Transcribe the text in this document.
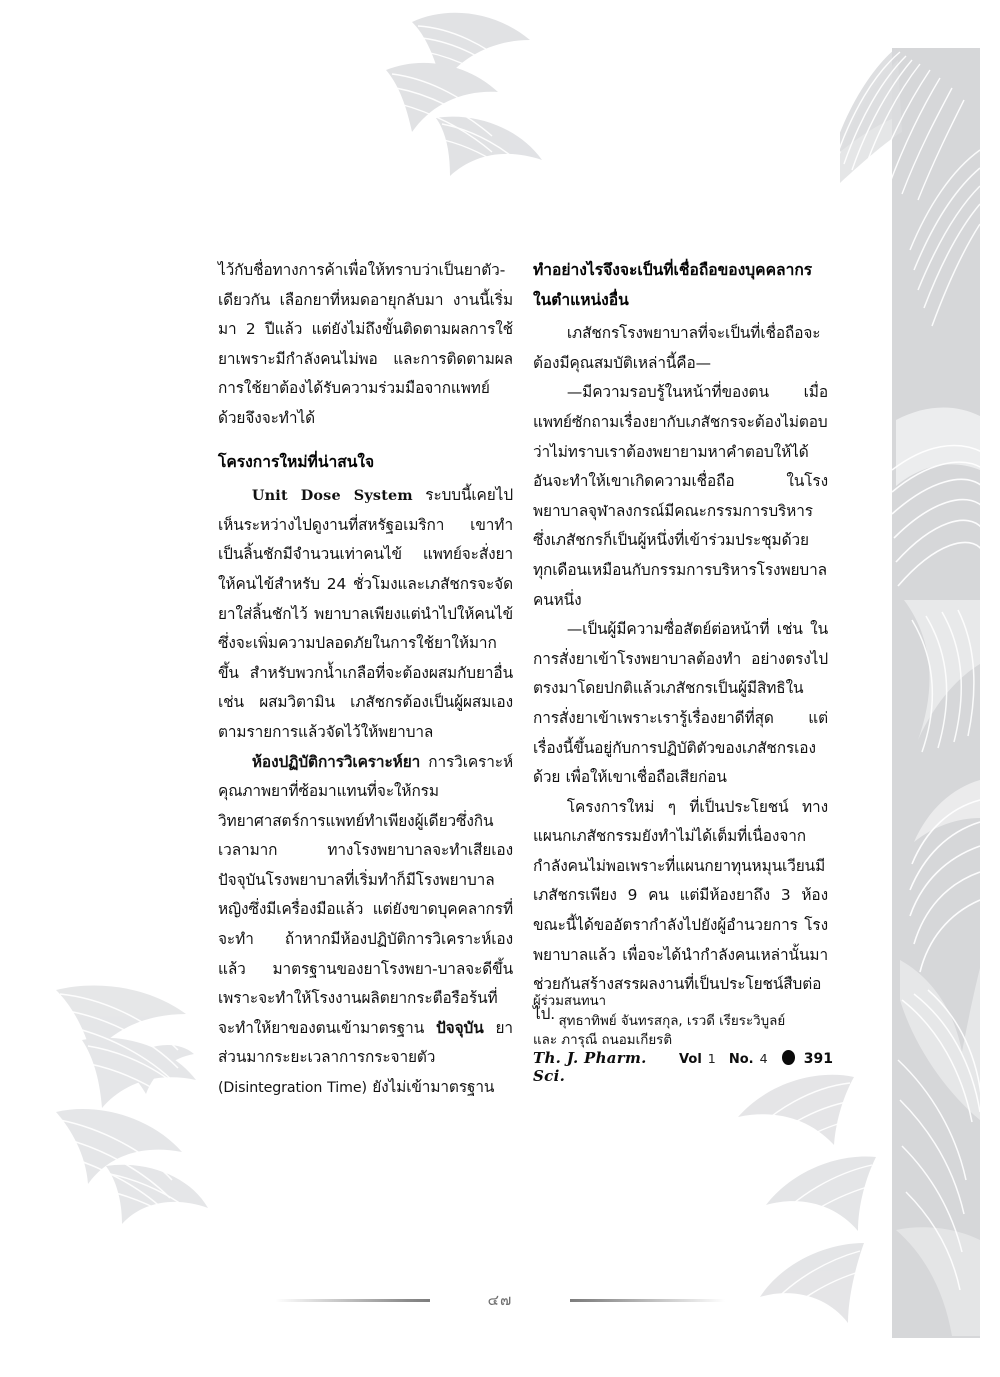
ไว้กับชื่อทางการค้าเพื่อให้ทราบว่าเป็นยาตัว-เดียวกัน เลือกยาที่หมดอายุกลับมา งานนี้เริ่มมา 2 ปีแล้ว แต่ยังไม่ถึงขั้นติดตามผลการใช้ยาเพราะมีกำลังคนไม่พอ และการติดตามผลการใช้ยาต้องได้รับความร่วมมือจากแพทย์ด้วยจึงจะทำได้

โครงการใหม่ที่น่าสนใจ

Unit Dose System ระบบนี้เคยไปเห็นระหว่างไปดูงานที่สหรัฐอเมริกา เขาทำเป็นลิ้นชักมีจำนวนเท่าคนไข้ แพทย์จะสั่งยาให้คนไข้สำหรับ 24 ชั่วโมงและเภสัชกรจะจัดยาใส่ลิ้นชักไว้ พยาบาลเพียงแต่นำไปให้คนไข้ ซึ่งจะเพิ่มความปลอดภัยในการใช้ยาให้มากขึ้น สำหรับพวกน้ำเกลือที่จะต้องผสมกับยาอื่น เช่น ผสมวิตามิน เภสัชกรต้องเป็นผู้ผสมเองตามรายการแล้วจัดไว้ให้พยาบาล

ห้องปฏิบัติการวิเคราะห์ยา การวิเคราะห์คุณภาพยาที่ซ้อมาแทนที่จะให้กรมวิทยาศาสตร์การแพทย์ทำเพียงผู้เดียวซึ่งกินเวลามาก ทางโรงพยาบาลจะทำเสียเอง ปัจจุบันโรงพยาบาลที่เริ่มทำก็มีโรงพยาบาลหญิงซึ่งมีเครื่องมือแล้ว แต่ยังขาดบุคคลากรที่จะทำ ถ้าหากมีห้องปฏิบัติการวิเคราะห์เองแล้ว มาตรฐานของยาโรงพยา-บาลจะดีขึ้น เพราะจะทำให้โรงงานผลิตยากระตือรือร้นที่จะทำให้ยาของตนเข้ามาตรฐาน ปัจจุบัน ยาส่วนมากระยะเวลาการกระจายตัว (Disintegration Time) ยังไม่เข้ามาตรฐาน

ทำอย่างไรจึงจะเป็นที่เชื่อถือของบุคคลากรในตำแหน่งอื่น

เภสัชกรโรงพยาบาลที่จะเป็นที่เชื่อถือจะต้องมีคุณสมบัติเหล่านี้คือ—

—มีความรอบรู้ในหน้าที่ของตน เมื่อแพทย์ซักถามเรื่องยากับเภสัชกรจะต้องไม่ตอบว่าไม่ทราบเราต้องพยายามหาคำตอบให้ได้ อันจะทำให้เขาเกิดความเชื่อถือ ในโรงพยาบาลจุฬาลงกรณ์มีคณะกรรมการบริหารซึ่งเภสัชกรก็เป็นผู้หนึ่งที่เข้าร่วมประชุมด้วยทุกเดือนเหมือนกับกรรมการบริหารโรงพยบาลคนหนึ่ง

—เป็นผู้มีความซื่อสัตย์ต่อหน้าที่ เช่น ในการสั่งยาเข้าโรงพยาบาลต้องทำ อย่างตรงไปตรงมาโดยปกติแล้วเภสัชกรเป็นผู้มีสิทธิในการสั่งยาเข้าเพราะเรารู้เรื่องยาดีที่สุด แต่เรื่องนี้ขึ้นอยู่กับการปฏิบัติตัวของเภสัชกรเองด้วย เพื่อให้เขาเชื่อถือเสียก่อน

โครงการใหม่ ๆ ที่เป็นประโยชน์ ทางแผนกเภสัชกรรมยังทำไม่ได้เต็มที่เนื่องจากกำลังคนไม่พอเพราะที่แผนกยาทุนหมุนเวียนมีเภสัชกรเพียง 9 คน แต่มีห้องยาถึง 3 ห้อง ขณะนี้ได้ขออัตรากำลังไปยังผู้อำนวยการ โรงพยาบาลแล้ว เพื่อจะได้นำกำลังคนเหล่านั้นมาช่วยกันสร้างสรรผลงานที่เป็นประโยชน์สืบต่อไป.

ผู้ร่วมสนทนา

สุทธาทิพย์ จันทรสกุล, เรวดี เรียระวิบูลย์

และ ภารุณี ถนอมเกียรติ

Th. J. Pharm. Sci.
Vol 1 No. 4	391
๔๗
